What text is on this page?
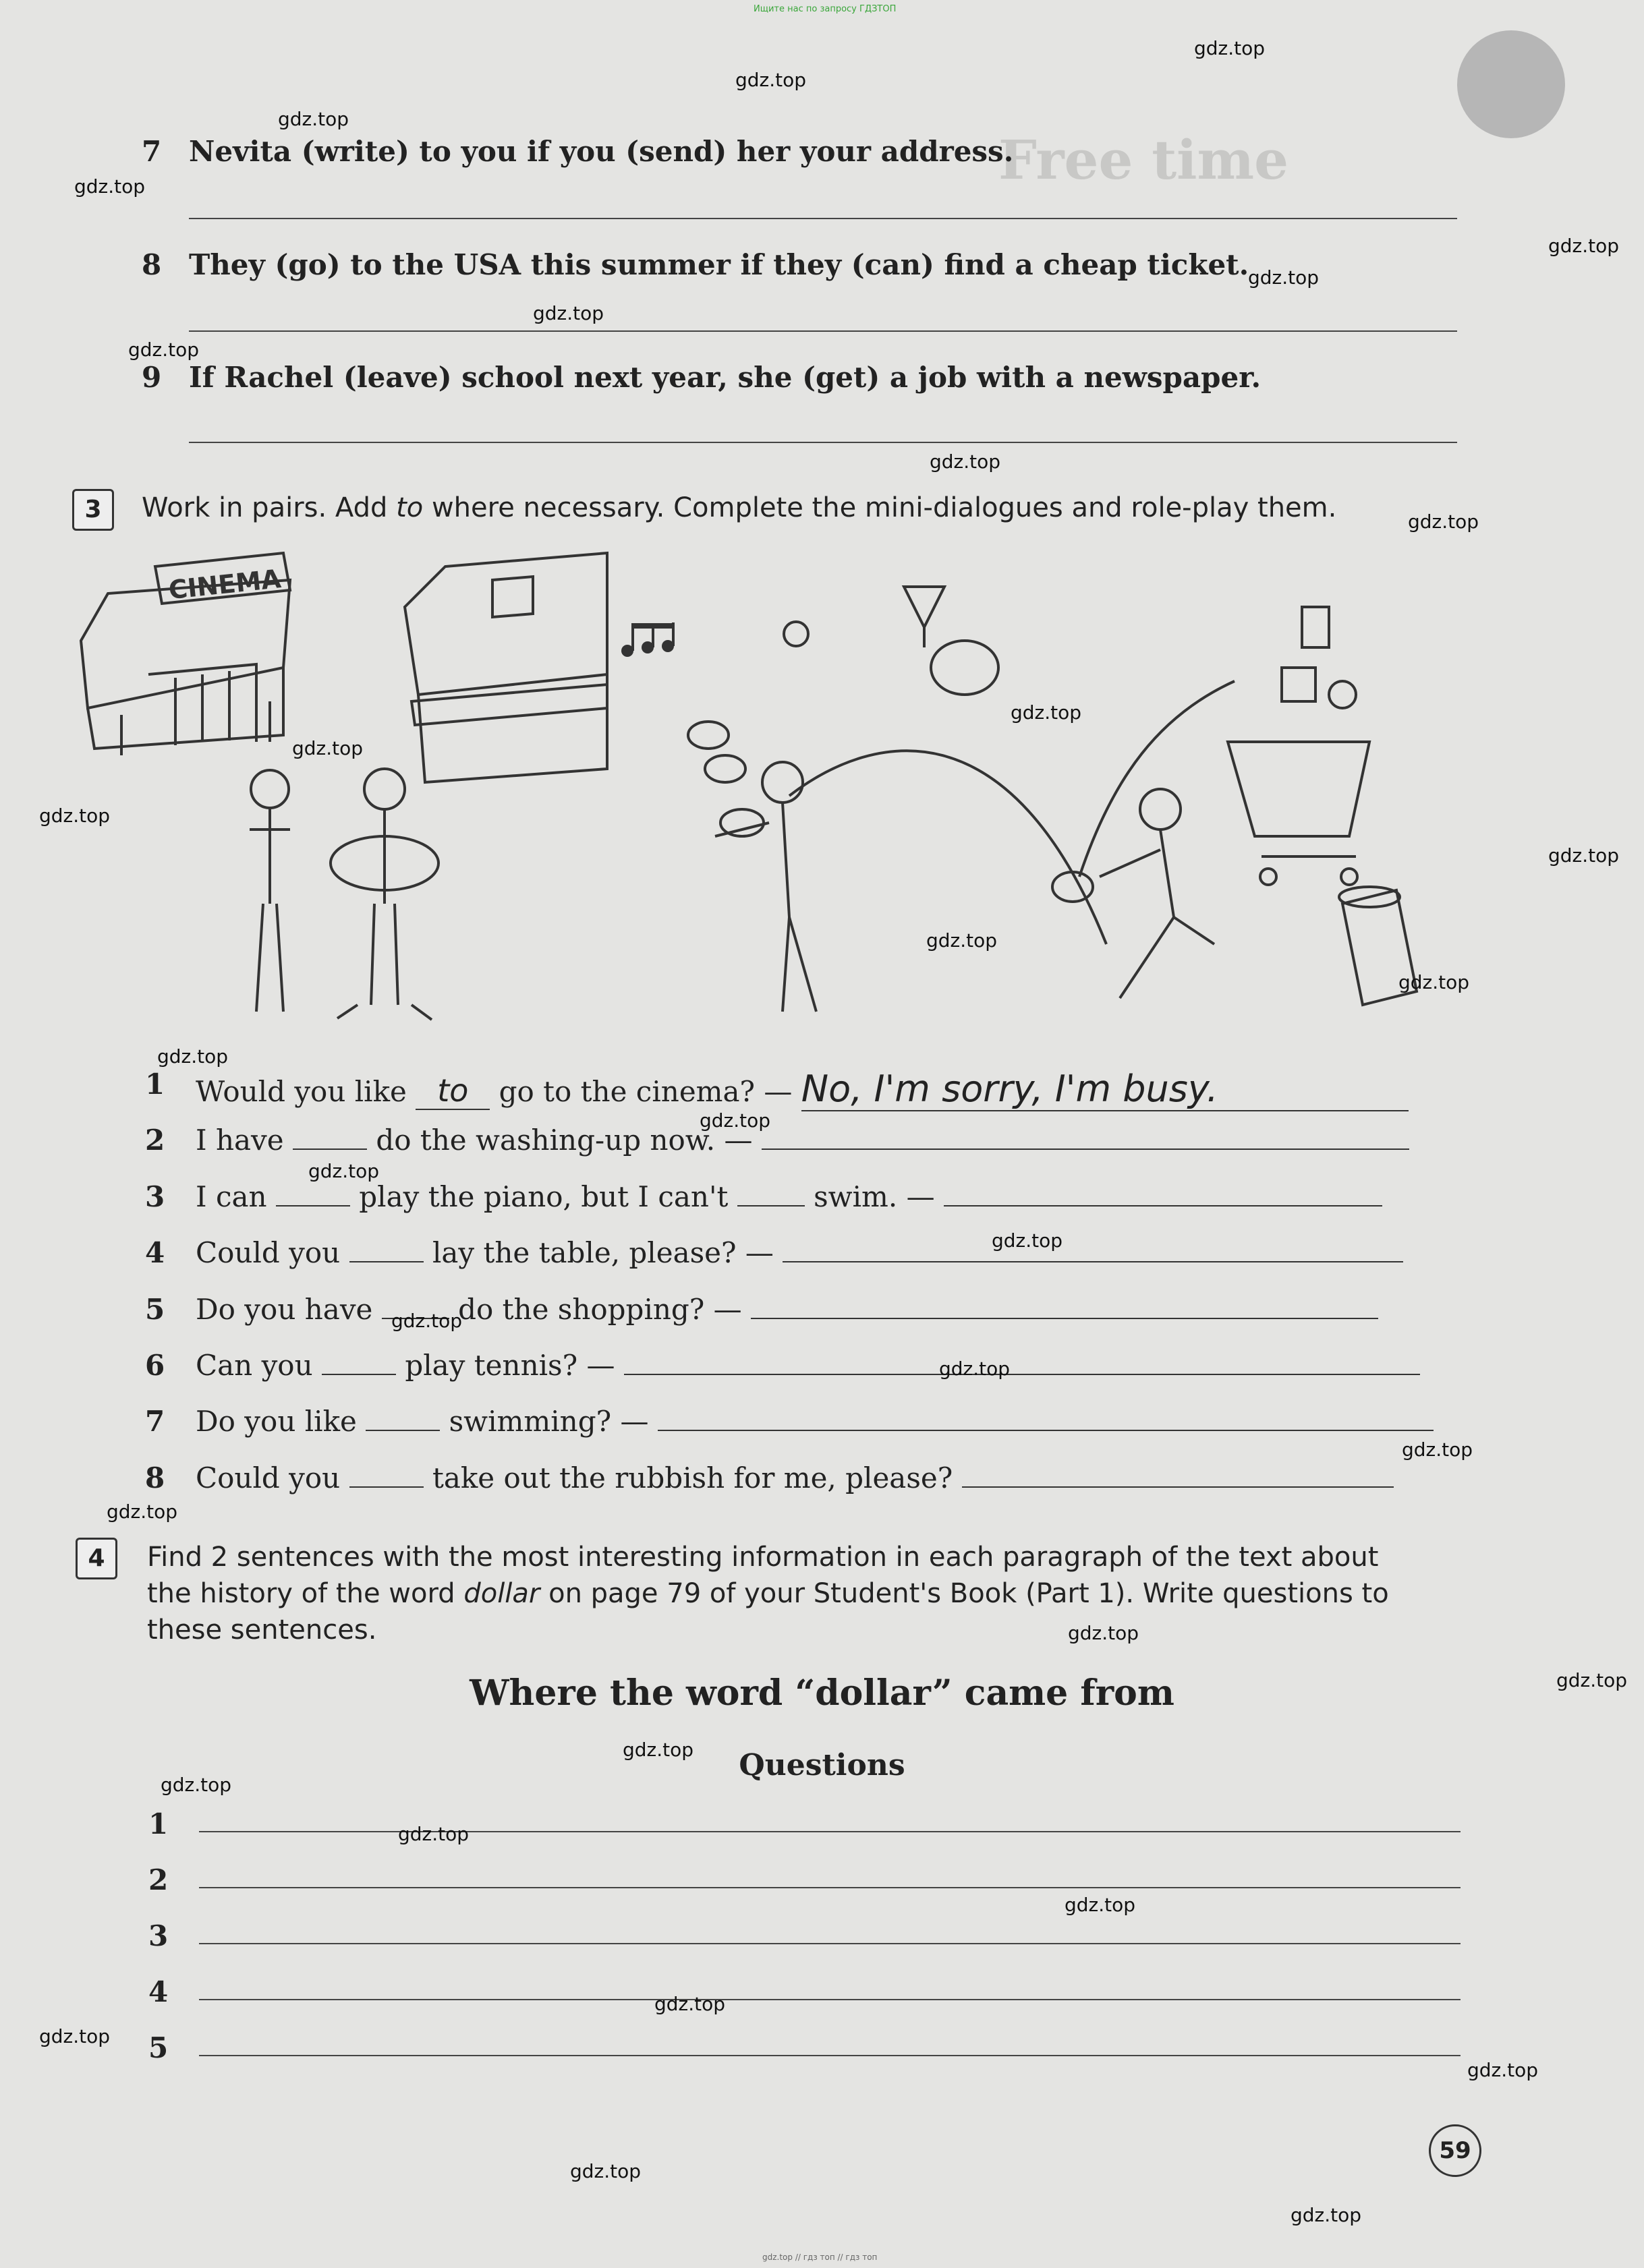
Ищите нас по запросу ГДЗТОП
Free time
7 Nevita (write) to you if you (send) her your address.
8 They (go) to the USA this summer if they (can) find a cheap ticket.
9 If Rachel (leave) school next year, she (get) a job with a newspaper.
3	Work in pairs. Add to where necessary. Complete the mini-dialogues and role-play them.
CINEMA
1 Would you like to go to the cinema? — No, I'm sorry, I'm busy.
2 I have	do the washing-up now. —
3 I can	play the piano, but I can't	swim. —
4 Could you	lay the table, please? —
5 Do you have	do the shopping? —
6 Can you	play tennis? —
7 Do you like	swimming? —
8 Could you	take out the rubbish for me, please?
4	Find 2 sentences with the most interesting information in each paragraph of the text about
the history of the word dollar on page 79 of your Student's Book (Part 1). Write questions to
these sentences.
Where the word “dollar” came from
Questions
1
2
3
4
5
59
gdz.top
gdz.top
gdz.top
gdz.top
gdz.top
gdz.top
gdz.top
gdz.top
gdz.top
gdz.top
gdz.top
gdz.top
gdz.top
gdz.top
gdz.top
gdz.top
gdz.top
gdz.top
gdz.top
gdz.top
gdz.top
gdz.top
gdz.top
gdz.top
gdz.top
gdz.top
gdz.top
gdz.top
gdz.top
gdz.top
gdz.top
gdz.top
gdz.top
gdz.top
gdz.top
gdz.top // гдз топ // гдз топ
